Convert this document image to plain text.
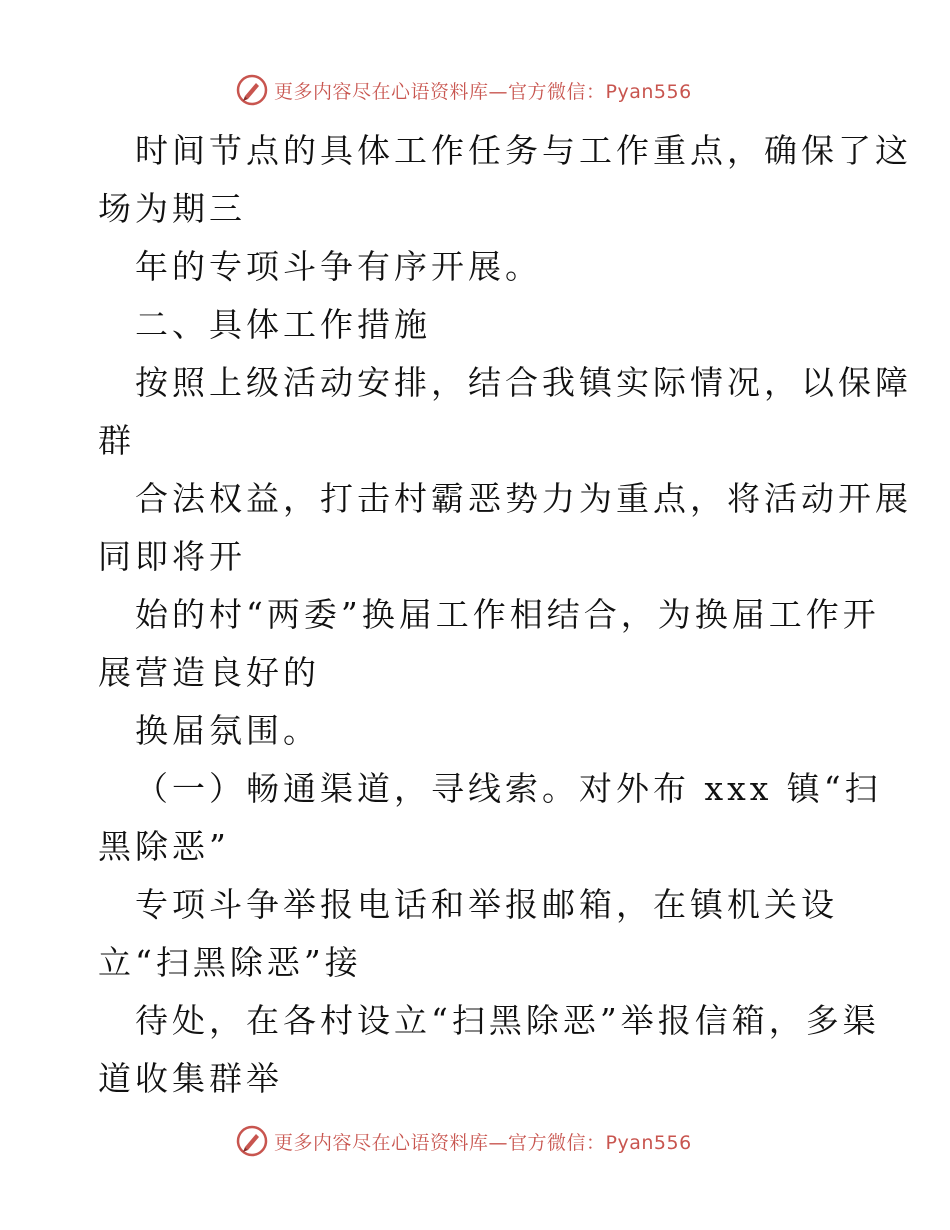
更多内容尽在心语资料库—官方微信：Pyan556

时间节点的具体工作任务与工作重点，确保了这
场为期三

年的专项斗争有序开展。

二、具体工作措施

按照上级活动安排，结合我镇实际情况，以保障
群

合法权益，打击村霸恶势力为重点，将活动开展
同即将开

始的村“两委”换届工作相结合，为换届工作开
展营造良好的

换届氛围。

（一）畅通渠道，寻线索。对外布 xxx 镇“扫
黑除恶”

专项斗争举报电话和举报邮箱，在镇机关设
立“扫黑除恶”接

待处，在各村设立“扫黑除恶”举报信箱，多渠
道收集群举

更多内容尽在心语资料库—官方微信：Pyan556
